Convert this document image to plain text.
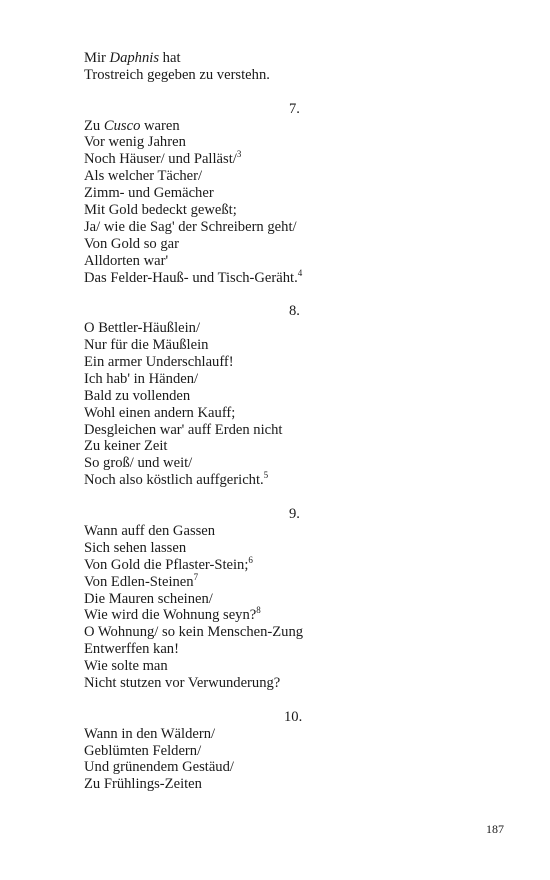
Mir Daphnis hat
Trostreich gegeben zu verstehn.
7.
Zu Cusco waren
Vor wenig Jahren
Noch Häuser/ und Palläst/$^3$
Als welcher Tächer/
Zimm- und Gemächer
Mit Gold bedeckt geweßt;
Ja/ wie die Sag' der Schreibern geht/
Von Gold so gar
Alldorten war'
Das Felder-Hauß- und Tisch-Geräht.$^4$
8.
O Bettler-Häußlein/
Nur für die Mäußlein
Ein armer Underschlauff!
Ich hab' in Händen/
Bald zu vollenden
Wohl einen andern Kauff;
Desgleichen war' auff Erden nicht
Zu keiner Zeit
So groß/ und weit/
Noch also köstlich auffgericht.$^5$
9.
Wann auff den Gassen
Sich sehen lassen
Von Gold die Pflaster-Stein;$^6$
Von Edlen-Steinen$^7$
Die Mauren scheinen/
Wie wird die Wohnung seyn?$^8$
O Wohnung/ so kein Menschen-Zung
Entwerffen kan!
Wie solte man
Nicht stutzen vor Verwunderung?
10.
Wann in den Wäldern/
Geblümten Feldern/
Und grünendem Gestäud/
Zu Frühlings-Zeiten
187
